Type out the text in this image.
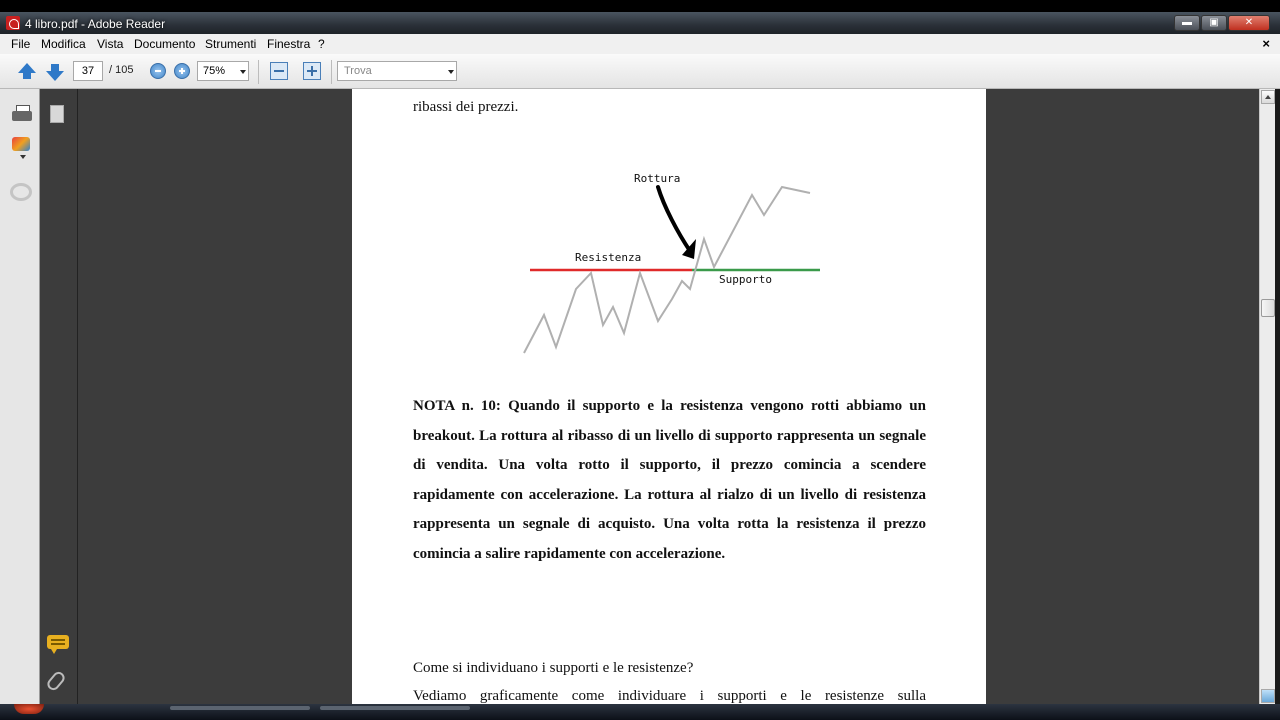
4 libro.pdf - Adobe Reader	▬	▣	✕
File Modifica Vista Documento Strumenti Finestra ?	×
37	/ 105	75%	Trova
ribassi dei prezzi.
Rottura
Resistenza
Supporto
NOTA n. 10: Quando il supporto e la resistenza vengono rotti abbiamo un breakout. La rottura al ribasso di un livello di supporto rappresenta un segnale di vendita. Una volta rotto il supporto, il prezzo comincia a scendere rapidamente con accelerazione. La rottura al rialzo di un livello di resistenza rappresenta un segnale di acquisto. Una volta rotta la resistenza il prezzo comincia a salire rapidamente con accelerazione.
Come si individuano i supporti e le resistenze?
Vediamo graficamente come individuare i supporti e le resistenze sulla
